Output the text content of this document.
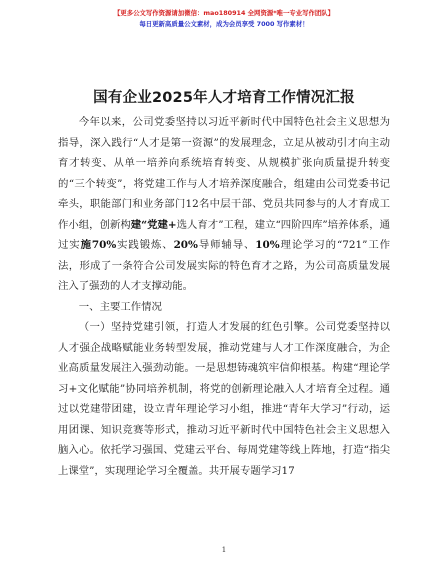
【更多公文写作资源请加微信：mao180914 全网资源*唯一专业写作团队】
每日更新高质量公文素材，成为会员享受 7000 写作素材！
国有企业2025年人才培育工作情况汇报

今年以来，公司党委坚持以习近平新时代中国特色社会主义思想为指导，深入践行“人才是第一资源”的发展理念，立足从被动引才向主动育才转变、从单一培养向系统培育转变、从规模扩张向质量提升转变的“三个转变”，将党建工作与人才培养深度融合，组建由公司党委书记牵头，职能部门和业务部门12名中层干部、党员共同参与的人才育成工作小组，创新构建“党建+选人育才”工程，建立“四阶四库”培养体系，通过实施70%实践锻炼、20%导师辅导、10%理论学习的“721”工作法，形成了一条符合公司发展实际的特色育才之路，为公司高质量发展注入了强劲的人才支撑动能。

一、主要工作情况

（一）坚持党建引领，打造人才发展的红色引擎。公司党委坚持以人才强企战略赋能业务转型发展，推动党建与人才工作深度融合，为企业高质量发展注入强劲动能。一是思想铸魂筑牢信仰根基。构建“理论学习+文化赋能”协同培养机制，将党的创新理论融入人才培育全过程。通过以党建带团建，设立青年理论学习小组，推进“青年大学习”行动，运用团课、知识竞赛等形式，推动习近平新时代中国特色社会主义思想入脑入心。依托学习强国、党建云平台、每周党建等线上阵地，打造“指尖上课堂”，实现理论学习全覆盖。共开展专题学习17

1
